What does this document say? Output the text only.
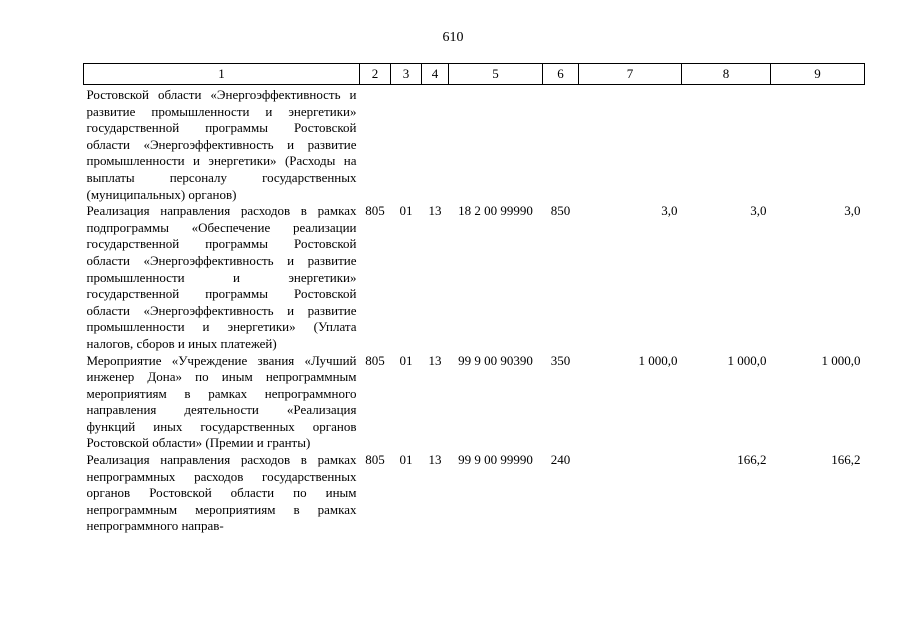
610
1	2	3	4	5	6	7	8	9
Ростовской области «Энергоэффективность и развитие промышленности и энергетики» государственной программы Ростовской области «Энергоэффективность и развитие промышленности и энергетики» (Расходы на выплаты персоналу государственных (муниципальных) органов)								
Реализация направления расходов в рамках подпрограммы «Обеспечение реализации государственной программы Ростовской области «Энергоэффективность и развитие промышленности и энергетики» государственной программы Ростовской области «Энергоэффективность и развитие промышленности и энергетики» (Уплата налогов, сборов и иных платежей)	805	01	13	18 2 00 99990	850	3,0	3,0	3,0
Мероприятие «Учреждение звания «Лучший инженер Дона» по иным непрограммным мероприятиям в рамках непрограммного направления деятельности «Реализация функций иных государственных органов Ростовской области» (Премии и гранты)	805	01	13	99 9 00 90390	350	1 000,0	1 000,0	1 000,0
Реализация направления расходов в рамках непрограммных расходов государственных органов Ростовской области по иным непрограммным мероприятиям в рамках непрограммного направ-	805	01	13	99 9 00 99990	240		166,2	166,2
